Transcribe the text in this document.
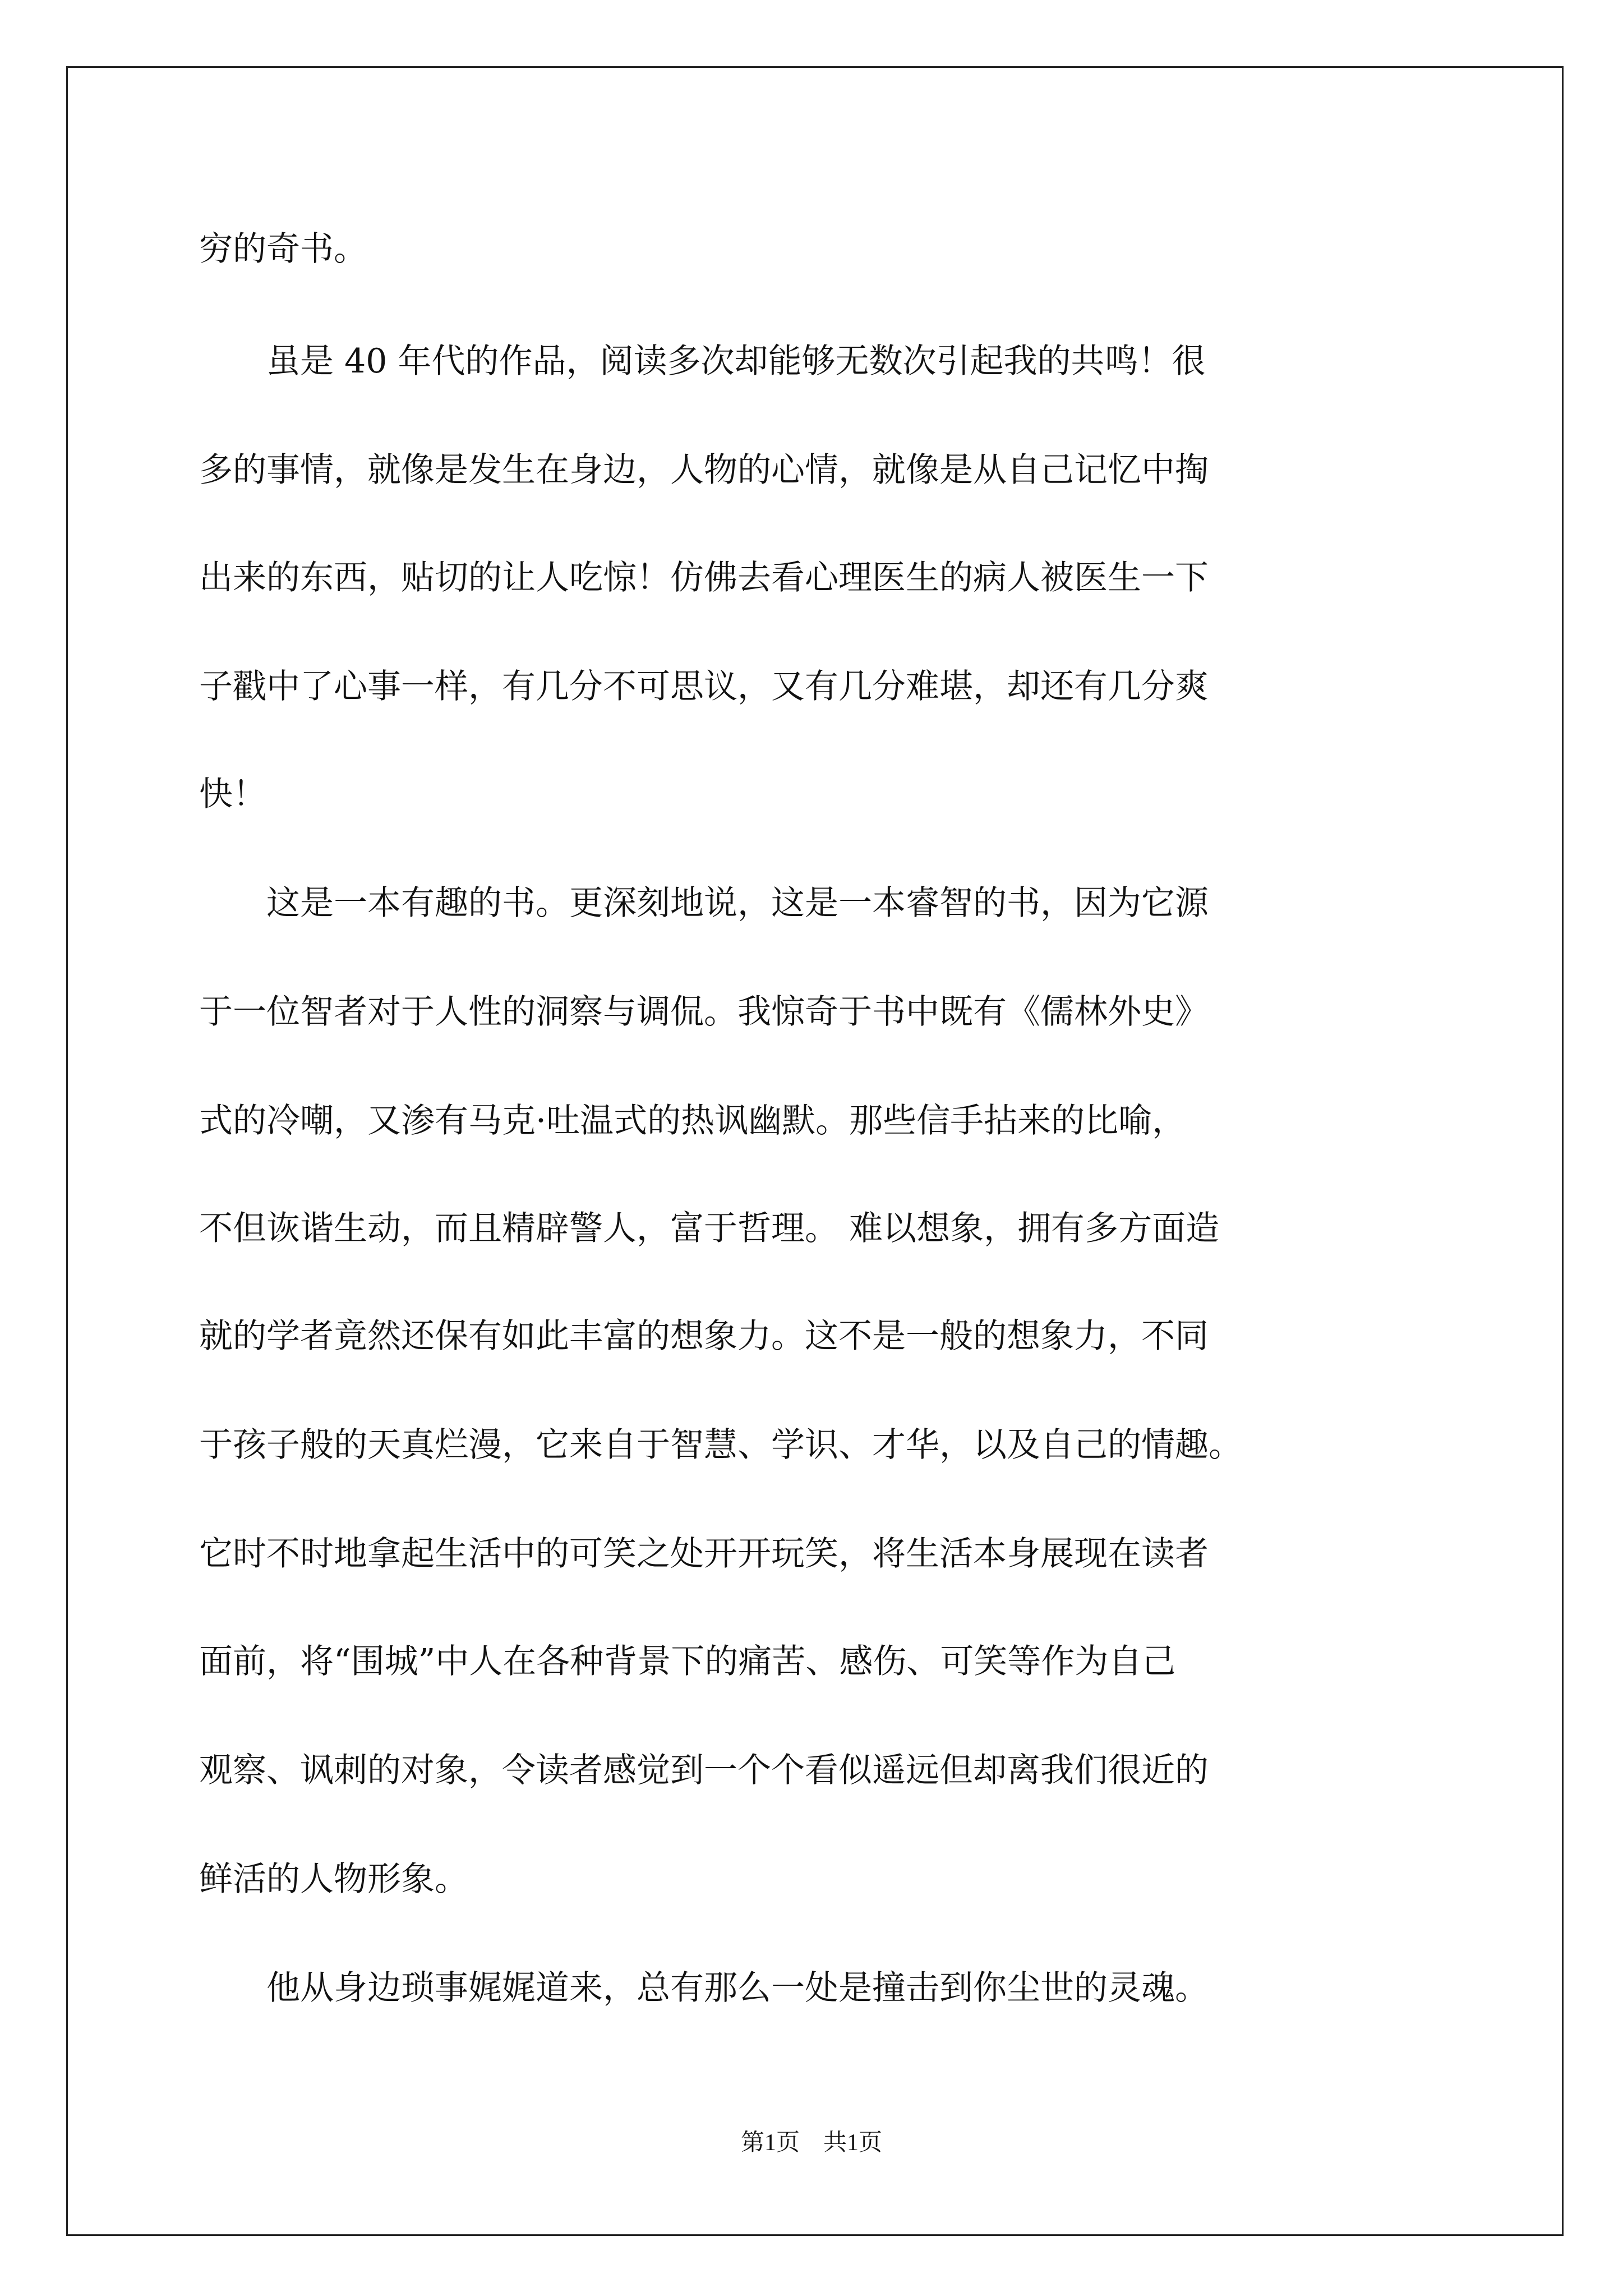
穷的奇书。
　　虽是 40 年代的作品，阅读多次却能够无数次引起我的共鸣！很
多的事情，就像是发生在身边，人物的心情，就像是从自己记忆中掏
出来的东西，贴切的让人吃惊！仿佛去看心理医生的病人被医生一下
子戳中了心事一样，有几分不可思议，又有几分难堪，却还有几分爽
快！
　　这是一本有趣的书。更深刻地说，这是一本睿智的书，因为它源
于一位智者对于人性的洞察与调侃。我惊奇于书中既有《儒林外史》
式的冷嘲，又渗有马克·吐温式的热讽幽默。那些信手拈来的比喻，
不但诙谐生动，而且精辟警人，富于哲理。 难以想象，拥有多方面造
就的学者竟然还保有如此丰富的想象力。这不是一般的想象力，不同
于孩子般的天真烂漫，它来自于智慧、学识、才华，以及自己的情趣。
它时不时地拿起生活中的可笑之处开开玩笑，将生活本身展现在读者
面前，将“围城”中人在各种背景下的痛苦、感伤、可笑等作为自己
观察、讽刺的对象，令读者感觉到一个个看似遥远但却离我们很近的
鲜活的人物形象。
　　他从身边琐事娓娓道来，总有那么一处是撞击到你尘世的灵魂。
第1页　共1页
